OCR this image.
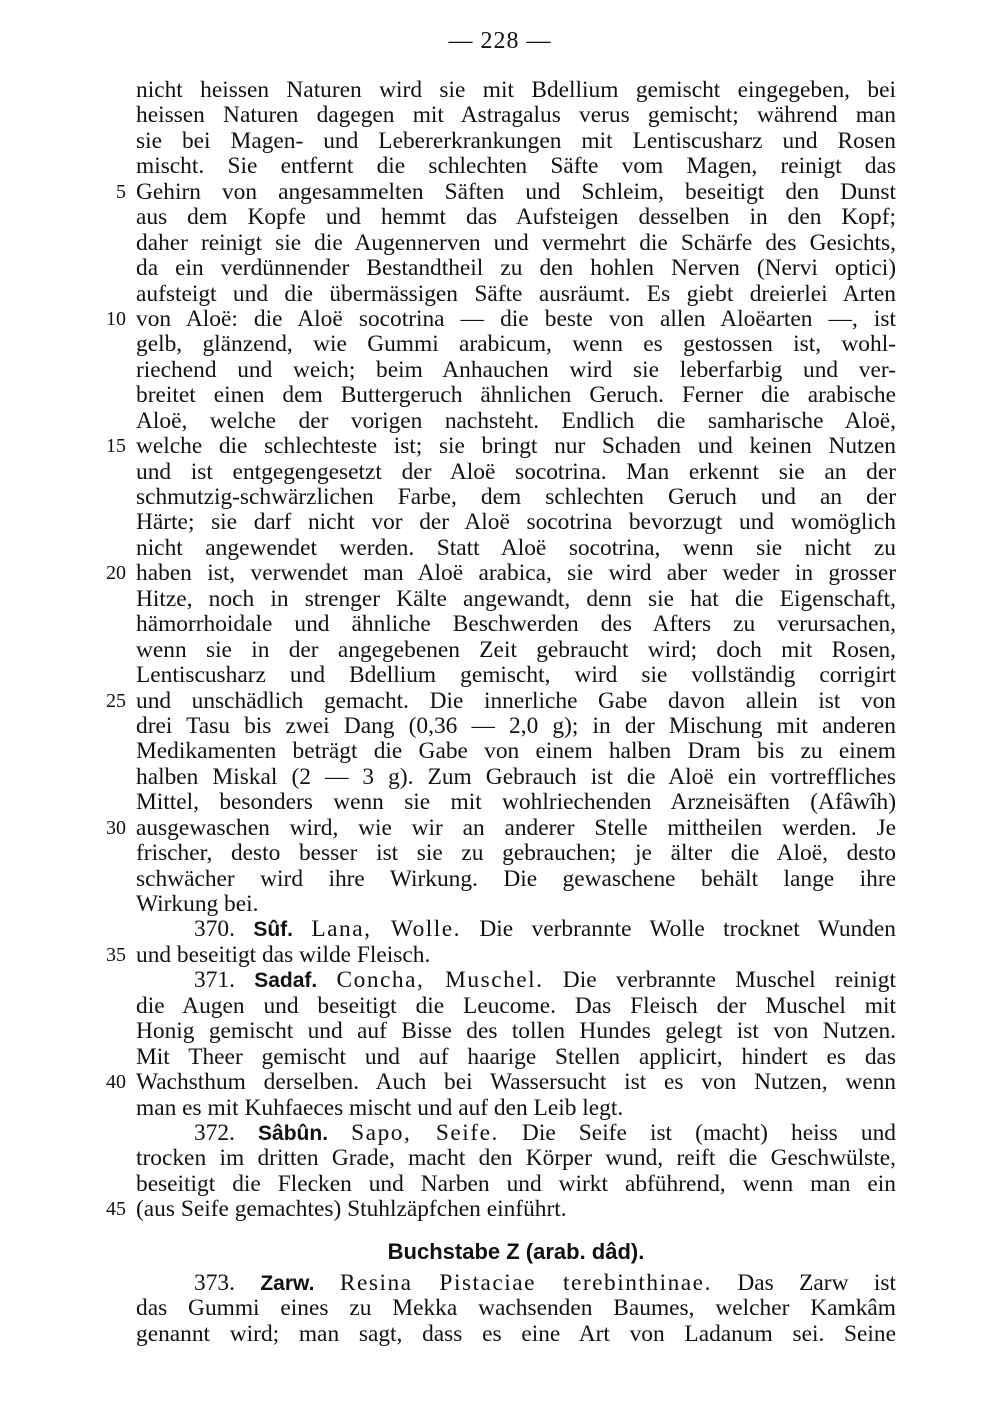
— 228 —
nicht heissen Naturen wird sie mit Bdellium gemischt eingegeben, bei
heissen Naturen dagegen mit Astragalus verus gemischt; während man
sie bei Magen- und Lebererkrankungen mit Lentiscusharz und Rosen
mischt. Sie entfernt die schlechten Säfte vom Magen, reinigt das
5 Gehirn von angesammelten Säften und Schleim, beseitigt den Dunst
aus dem Kopfe und hemmt das Aufsteigen desselben in den Kopf;
daher reinigt sie die Augennerven und vermehrt die Schärfe des Gesichts,
da ein verdünnender Bestandtheil zu den hohlen Nerven (Nervi optici)
aufsteigt und die übermässigen Säfte ausräumt. Es giebt dreierlei Arten
10 von Aloë: die Aloë socotrina — die beste von allen Aloëarten —, ist
gelb, glänzend, wie Gummi arabicum, wenn es gestossen ist, wohl-
riechend und weich; beim Anhauchen wird sie leberfarbig und ver-
breitet einen dem Buttergeruch ähnlichen Geruch. Ferner die arabische
Aloë, welche der vorigen nachsteht. Endlich die samharische Aloë,
15 welche die schlechteste ist; sie bringt nur Schaden und keinen Nutzen
und ist entgegengesetzt der Aloë socotrina. Man erkennt sie an der
schmutzig-schwärzlichen Farbe, dem schlechten Geruch und an der
Härte; sie darf nicht vor der Aloë socotrina bevorzugt und womöglich
nicht angewendet werden. Statt Aloë socotrina, wenn sie nicht zu
20 haben ist, verwendet man Aloë arabica, sie wird aber weder in grosser
Hitze, noch in strenger Kälte angewandt, denn sie hat die Eigenschaft,
hämorrhoidale und ähnliche Beschwerden des Afters zu verursachen,
wenn sie in der angegebenen Zeit gebraucht wird; doch mit Rosen,
Lentiscusharz und Bdellium gemischt, wird sie vollständig corrigirt
25 und unschädlich gemacht. Die innerliche Gabe davon allein ist von
drei Tasu bis zwei Dang (0,36 — 2,0 g); in der Mischung mit anderen
Medikamenten beträgt die Gabe von einem halben Dram bis zu einem
halben Miskal (2 — 3 g). Zum Gebrauch ist die Aloë ein vortreffliches
Mittel, besonders wenn sie mit wohlriechenden Arzneisäften (Afâwîh)
30 ausgewaschen wird, wie wir an anderer Stelle mittheilen werden. Je
frischer, desto besser ist sie zu gebrauchen; je älter die Aloë, desto
schwächer wird ihre Wirkung. Die gewaschene behält lange ihre
Wirkung bei.
370. Sûf. Lana, Wolle. Die verbrannte Wolle trocknet Wunden
35 und beseitigt das wilde Fleisch.
371. Sadaf. Concha, Muschel. Die verbrannte Muschel reinigt
die Augen und beseitigt die Leucome. Das Fleisch der Muschel mit
Honig gemischt und auf Bisse des tollen Hundes gelegt ist von Nutzen.
Mit Theer gemischt und auf haarige Stellen applicirt, hindert es das
40 Wachsthum derselben. Auch bei Wassersucht ist es von Nutzen, wenn
man es mit Kuhfaeces mischt und auf den Leib legt.
372. Sâbûn. Sapo, Seife. Die Seife ist (macht) heiss und
trocken im dritten Grade, macht den Körper wund, reift die Geschwülste,
beseitigt die Flecken und Narben und wirkt abführend, wenn man ein
45 (aus Seife gemachtes) Stuhlzäpfchen einführt.
Buchstabe Z (arab. dâd).
373. Zarw. Resina Pistaciae terebinthinae. Das Zarw ist
das Gummi eines zu Mekka wachsenden Baumes, welcher Kamkâm
genannt wird; man sagt, dass es eine Art von Ladanum sei. Seine
